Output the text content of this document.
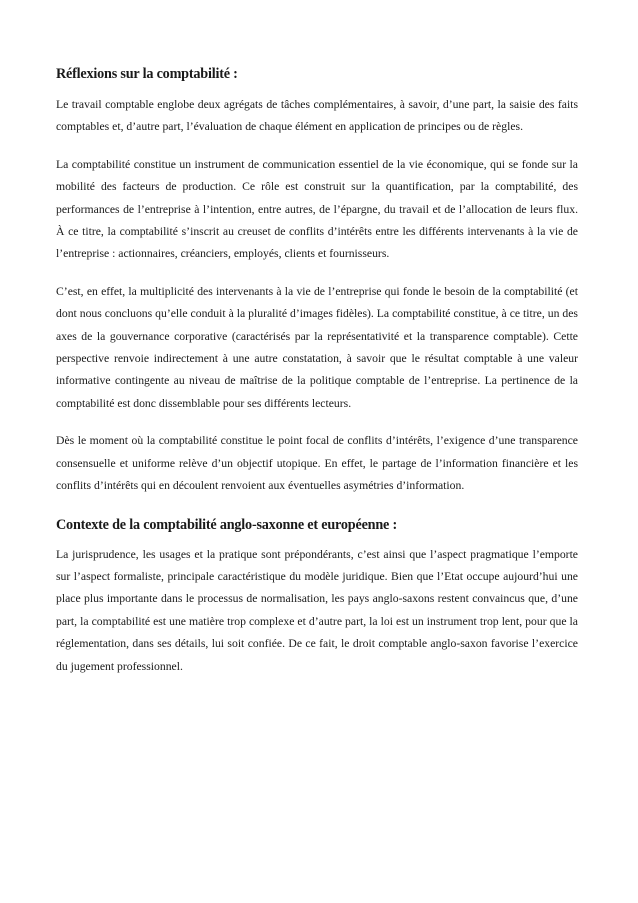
Réflexions sur la comptabilité :

Le travail comptable englobe deux agrégats de tâches complémentaires, à savoir, d’une part, la saisie des faits comptables et, d’autre part, l’évaluation de chaque élément en application de principes ou de règles.

La comptabilité constitue un instrument de communication essentiel de la vie économique, qui se fonde sur la mobilité des facteurs de production. Ce rôle est construit sur la quantification, par la comptabilité, des performances de l’entreprise à l’intention, entre autres, de l’épargne, du travail et de l’allocation de leurs flux. À ce titre, la comptabilité s’inscrit au creuset de conflits d’intérêts entre les différents intervenants à la vie de l’entreprise : actionnaires, créanciers, employés, clients et fournisseurs.

C’est, en effet, la multiplicité des intervenants à la vie de l’entreprise qui fonde le besoin de la comptabilité (et dont nous concluons qu’elle conduit à la pluralité d’images fidèles). La comptabilité constitue, à ce titre, un des axes de la gouvernance corporative (caractérisés par la représentativité et la transparence comptable). Cette perspective renvoie indirectement à une autre constatation, à savoir que le résultat comptable à une valeur informative contingente au niveau de maîtrise de la politique comptable de l’entreprise. La pertinence de la comptabilité est donc dissemblable pour ses différents lecteurs.

Dès le moment où la comptabilité constitue le point focal de conflits d’intérêts, l’exigence d’une transparence consensuelle et uniforme relève d’un objectif utopique. En effet, le partage de l’information financière et les conflits d’intérêts qui en découlent renvoient aux éventuelles asymétries d’information.

Contexte de la comptabilité anglo-saxonne et européenne :

La jurisprudence, les usages et la pratique sont prépondérants, c’est ainsi que l’aspect pragmatique l’emporte sur l’aspect formaliste, principale caractéristique du modèle juridique. Bien que l’Etat occupe aujourd’hui une place plus importante dans le processus de normalisation, les pays anglo-saxons restent convaincus que, d’une part, la comptabilité est une matière trop complexe et d’autre part, la loi est un instrument trop lent, pour que la réglementation, dans ses détails, lui soit confiée. De ce fait, le droit comptable anglo-saxon favorise l’exercice du jugement professionnel.
